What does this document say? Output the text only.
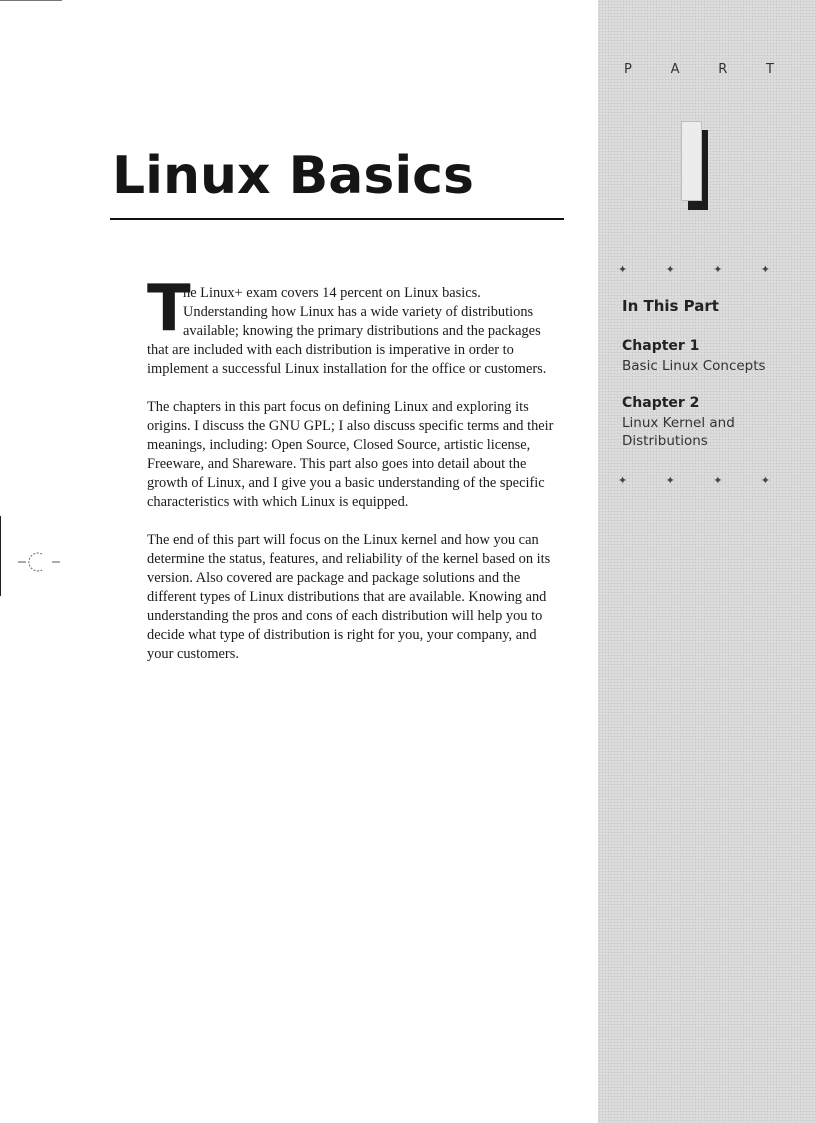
P	A	R	T
✦	✦	✦	✦
In This Part
Chapter 1
Basic Linux Concepts
Chapter 2
Linux Kernel and Distributions
✦	✦	✦	✦
Linux Basics

T
he Linux+ exam covers 14 percent on Linux basics. Understanding how Linux has a wide variety of distributions available; knowing the primary distributions and the packages that are included with each distribution is imperative in order to implement a successful Linux installation for the office or customers.

The chapters in this part focus on defining Linux and exploring its origins. I discuss the GNU GPL; I also discuss specific terms and their meanings, including: Open Source, Closed Source, artistic license, Freeware, and Shareware. This part also goes into detail about the growth of Linux, and I give you a basic understanding of the specific characteristics with which Linux is equipped.

The end of this part will focus on the Linux kernel and how you can determine the status, features, and reliability of the kernel based on its version. Also covered are package and package solutions and the different types of Linux distributions that are available. Knowing and understanding the pros and cons of each distribution will help you to decide what type of distribution is right for you, your company, and your customers.
